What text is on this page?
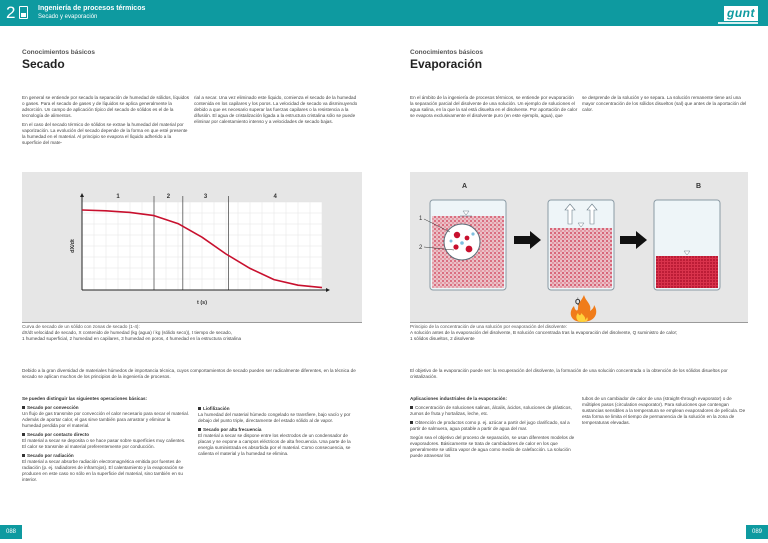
2	Ingeniería de procesos térmicos
Secado y evaporación	gunt
Conocimientos básicos
Secado

En general se entiende por secado la separación de humedad de sólidos, líquidos o gases. Para el secado de gases y de líquidos se aplica generalmente la adsorción. Un campo de aplicación típico del secado de sólidos es el de la tecnología de alimentos.

En el caso del secado térmico de sólidos se extrae la humedad del material por vaporización. La evolución del secado depende de la forma en que esté presente la humedad en el material. Al principio se evapora el líquido adherido a la superficie del mate-

rial a secar. Una vez eliminado este líquido, comienza el secado de la humedad contenida en los capilares y los poros. La velocidad de secado va disminuyendo debido a que es necesario superar las fuerzas capilares o la resistencia a la difusión. El agua de cristalización ligada a la estructura cristalina sólo se puede eliminar por calentamiento intenso y a velocidades de secado bajas.

1	2	3	4
dX/dt
t (s)
Curva de secado de un sólido con zonas de secado (1-4):
dX/dt velocidad de secado, X contenido de humedad (kg (agua) / kg (sólido seco)), t tiempo de secado,
1 humedad superficial, 2 humedad en capilares, 3 humedad en poros, 4 humedad en la estructura cristalina
Debido a la gran diversidad de materiales húmedos de importancia técnica, cuyos comportamientos de secado pueden ser radicalmente diferentes, en la técnica de secado se aplican muchos de los principios de la ingeniería de procesos.

Se pueden distinguir las siguientes operaciones básicas:

Secado por convección
Un flujo de gas transmite por convección el calor necesario para secar el material. Además de aportar calor, el gas sirve también para arrastrar y eliminar la humedad perdida por el material.
Secado por contacto directo
El material a secar se deposita o se hace pasar sobre superficies muy calientes. El calor se transmite al material preferentemente por conducción.
Secado por radiación
El material a secar absorbe radiación electromagnética emitida por fuentes de radiación (p. ej. radiadores de infrarrojos). El calentamiento y la evaporación se producen en este caso no sólo en la superficie del material, sino también en su interior.
Liofilización
La humedad del material húmedo congelado se transfiere, bajo vacío y por debajo del punto triple, directamente del estado sólido al de vapor.
Secado por alta frecuencia
El material a secar se dispone entre los electrodos de un condensador de placas y se expone a campos eléctricos de alta frecuencia. Una parte de la energía suministrada es absorbida por el material. Como consecuencia, se calienta el material y la humedad se elimina.
088
Conocimientos básicos
Evaporación

En el ámbito de la ingeniería de procesos térmicos, se entiende por evaporación la separación parcial del disolvente de una solución. Un ejemplo de soluciones el agua salina, en la que la sal está disuelta en el disolvente. Por aportación de calor se evapora exclusivamente el disolvente puro (en este ejemplo, agua), que

se desprende de la solución y se separa. La solución remanente tiene así una mayor concentración de los sólidos disueltos (sal) que antes de la aportación del calor.

A	B
1
2
Q̇
Principio de la concentración de una solución por evaporación del disolvente:
A solución antes de la evaporación del disolvente, B solución concentrada tras la evaporación del disolvente, Q suministro de calor;
1 sólidos disueltos, 2 disolvente
El objetivo de la evaporación puede ser: la recuperación del disolvente, la formación de una solución concentrada o la obtención de los sólidos disueltos por cristalización.

Aplicaciones industriales de la evaporación:

Concentración de soluciones salinas, álcalis, ácidos, soluciones de plásticos, zumos de fruta y hortalizas, leche, etc.
Obtención de productos como p. ej. azúcar a partir del jugo clarificado, sal a partir de salmuera, agua potable a partir de agua del mar.

Según sea el objetivo del proceso de separación, se usan diferentes modelos de evaporadores. Básicamente se trata de cambiadores de calor en los que generalmente se utiliza vapor de agua como medio de calefacción. La solución puede atravesar los

tubos de un cambiador de calor de una (straight-through evaporator) o de múltiples pasos (circulation evaporator). Para soluciones que contengan sustancias sensibles a la temperatura se emplean evaporadores de película. De esta forma se limita el tiempo de permanencia de la solución en la zona de temperaturas elevadas.
089
